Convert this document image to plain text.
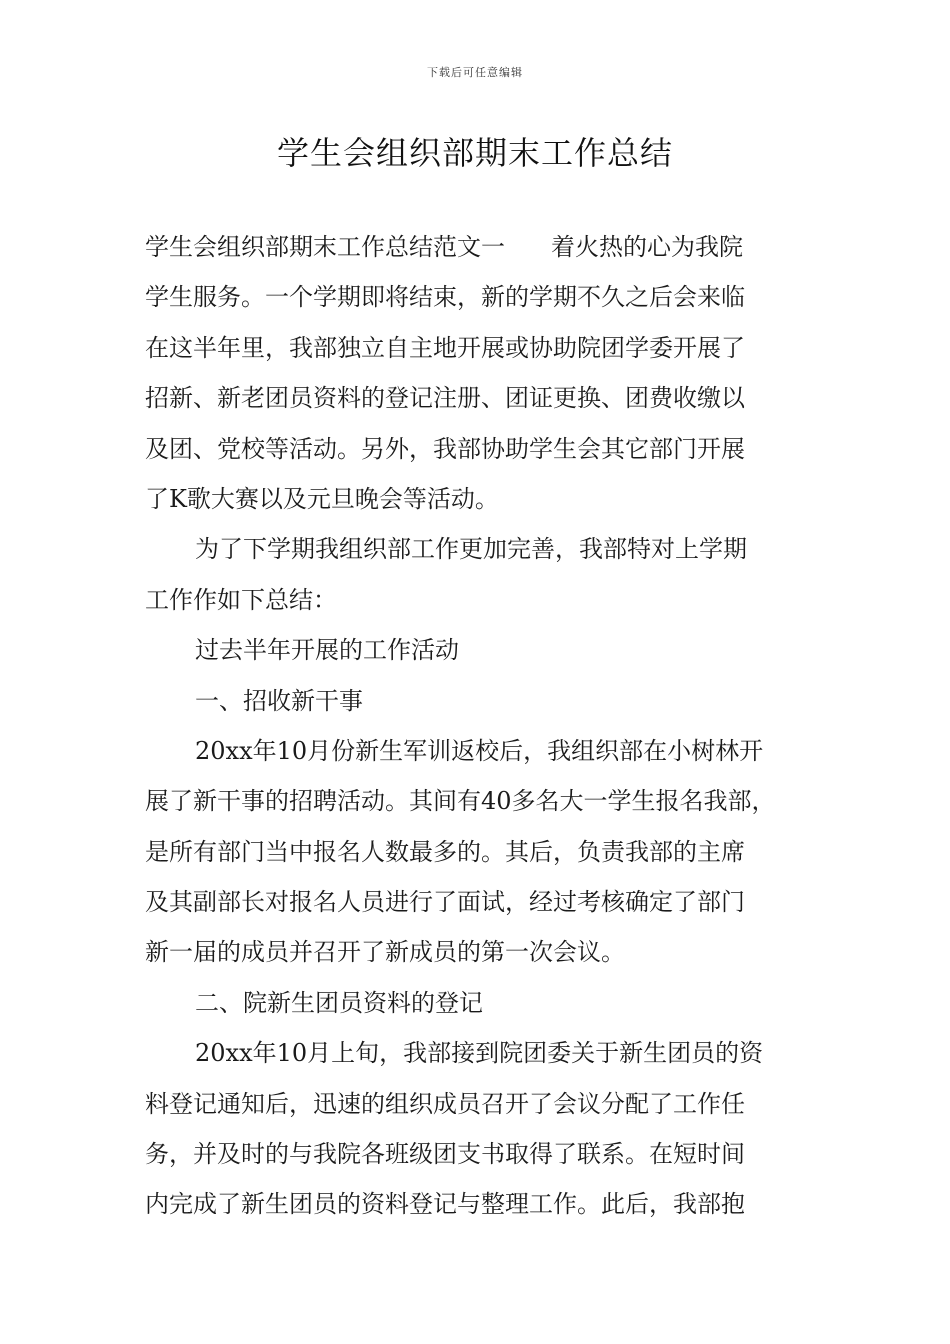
下载后可任意编辑
学生会组织部期末工作总结
学生会组织部期末工作总结范文一 着火热的心为我院
学生服务。一个学期即将结束，新的学期不久之后会来临
在这半年里，我部独立自主地开展或协助院团学委开展了
招新、新老团员资料的登记注册、团证更换、团费收缴以
及团、党校等活动。另外，我部协助学生会其它部门开展
了K歌大赛以及元旦晚会等活动。
为了下学期我组织部工作更加完善，我部特对上学期
工作作如下总结：
过去半年开展的工作活动
一、招收新干事
20xx年10月份新生军训返校后，我组织部在小树林开
展了新干事的招聘活动。其间有40多名大一学生报名我部，
是所有部门当中报名人数最多的。其后，负责我部的主席
及其副部长对报名人员进行了面试，经过考核确定了部门
新一届的成员并召开了新成员的第一次会议。
二、院新生团员资料的登记
20xx年10月上旬，我部接到院团委关于新生团员的资
料登记通知后，迅速的组织成员召开了会议分配了工作任
务，并及时的与我院各班级团支书取得了联系。在短时间
内完成了新生团员的资料登记与整理工作。此后，我部抱
